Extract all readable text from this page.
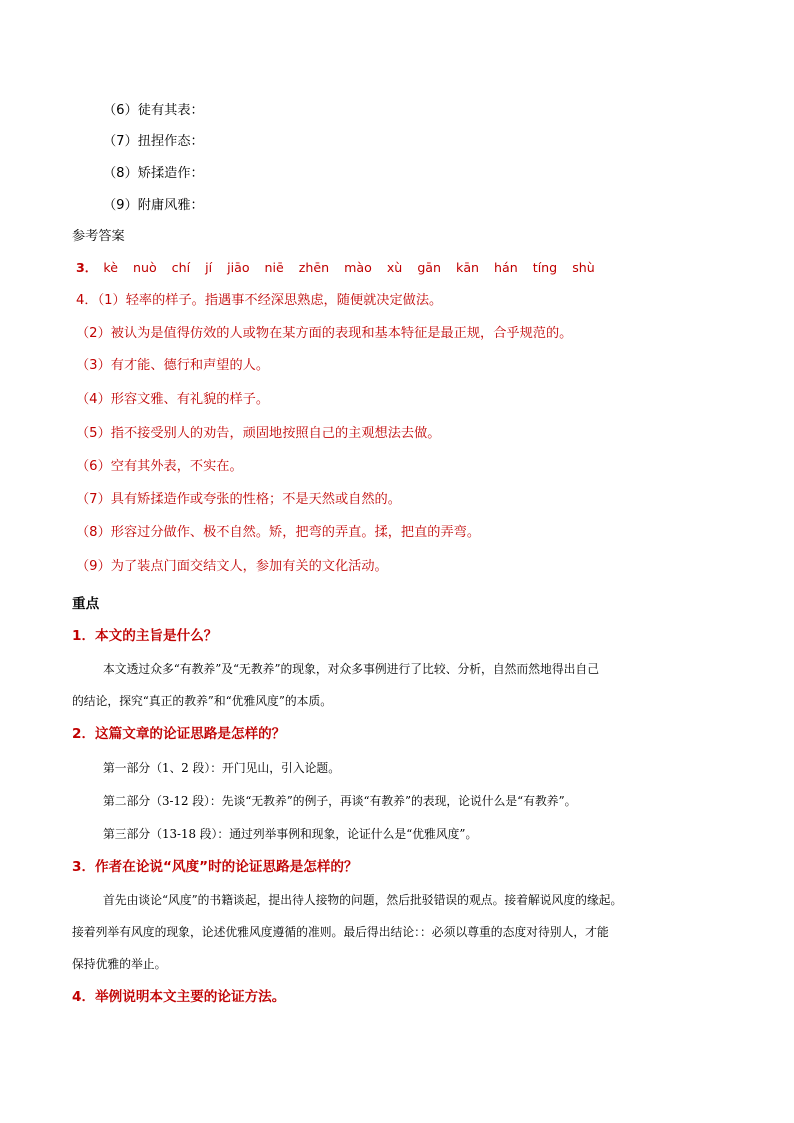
（6）徒有其表：
（7）扭捏作态：
（8）矫揉造作：
（9）附庸风雅：
参考答案
3． kè nuò chí jí jiāo niē zhēn mào xù gān kān hán tíng shù
4．（1）轻率的样子。指遇事不经深思熟虑，随便就决定做法。
（2）被认为是值得仿效的人或物在某方面的表现和基本特征是最正规，合乎规范的。
（3）有才能、德行和声望的人。
（4）形容文雅、有礼貌的样子。
（5）指不接受别人的劝告，顽固地按照自己的主观想法去做。
（6）空有其外表，不实在。
（7）具有矫揉造作或夸张的性格；不是天然或自然的。
（8）形容过分做作、极不自然。矫，把弯的弄直。揉，把直的弄弯。
（9）为了装点门面交结文人，参加有关的文化活动。
重点
1．本文的主旨是什么？
本文透过众多“有教养”及“无教养”的现象，对众多事例进行了比较、分析，自然而然地得出自己
的结论，探究“真正的教养”和“优雅风度”的本质。
2．这篇文章的论证思路是怎样的？
第一部分（1、2 段）：开门见山，引入论题。
第二部分（3-12 段）：先谈“无教养”的例子，再谈“有教养”的表现，论说什么是“有教养”。
第三部分（13-18 段）：通过列举事例和现象，论证什么是“优雅风度”。
3．作者在论说“风度”时的论证思路是怎样的？
首先由谈论“风度”的书籍谈起，提出待人接物的问题，然后批驳错误的观点。接着解说风度的缘起。
接着列举有风度的现象，论述优雅风度遵循的准则。最后得出结论：：必须以尊重的态度对待别人，才能
保持优雅的举止。
4．举例说明本文主要的论证方法。
